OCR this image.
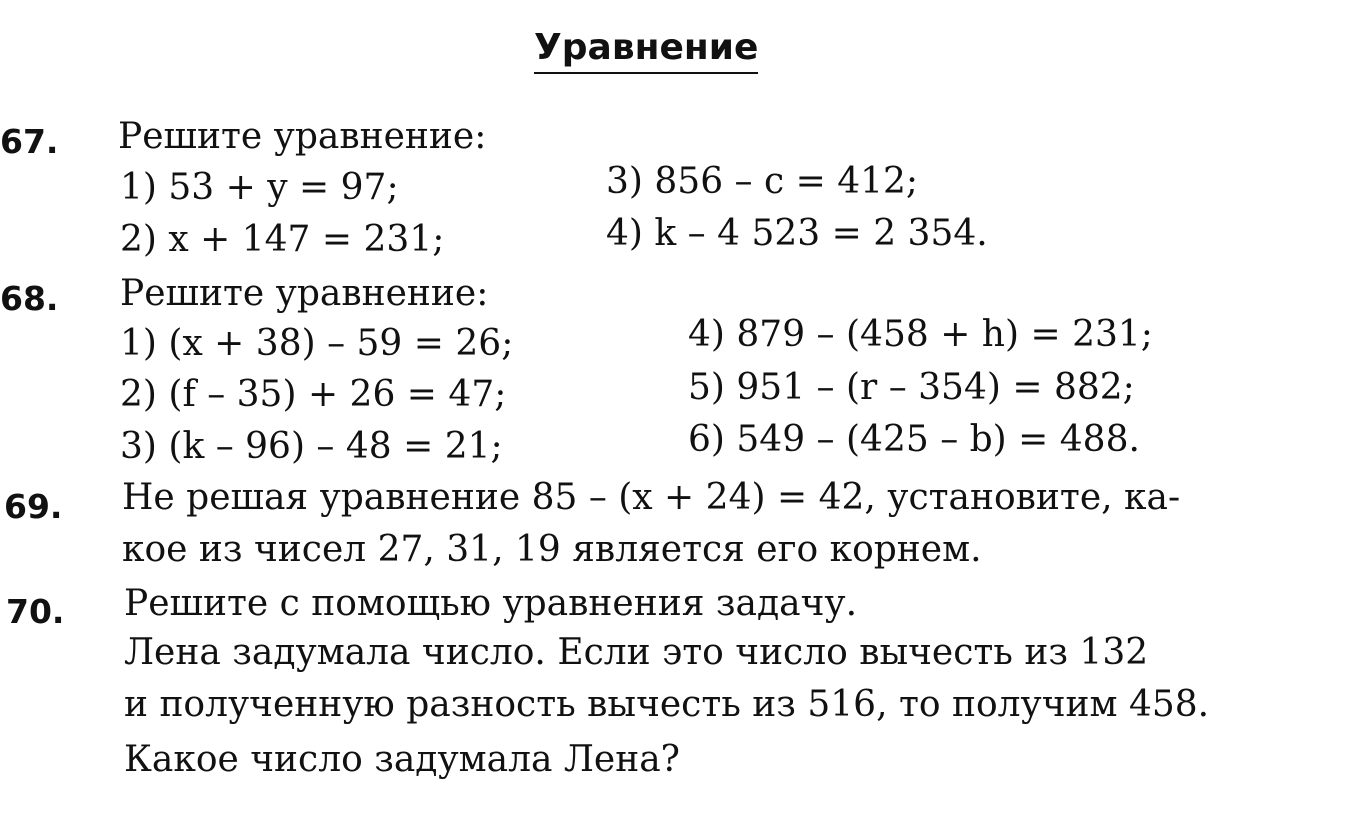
Уравнение
67. Решите уравнение:
1) 53 + y = 97;
2) x + 147 = 231;
3) 856 – c = 412;
4) k – 4 523 = 2 354.
68. Решите уравнение:
1) (x + 38) – 59 = 26;
2) (f – 35) + 26 = 47;
3) (k – 96) – 48 = 21;
4) 879 – (458 + h) = 231;
5) 951 – (r – 354) = 882;
6) 549 – (425 – b) = 488.
69. Не решая уравнение 85 – (x + 24) = 42, установите, ка-
кое из чисел 27, 31, 19 является его корнем.
70. Решите с помощью уравнения задачу.
Лена задумала число. Если это число вычесть из 132
и полученную разность вычесть из 516, то получим 458.
Какое число задумала Лена?
